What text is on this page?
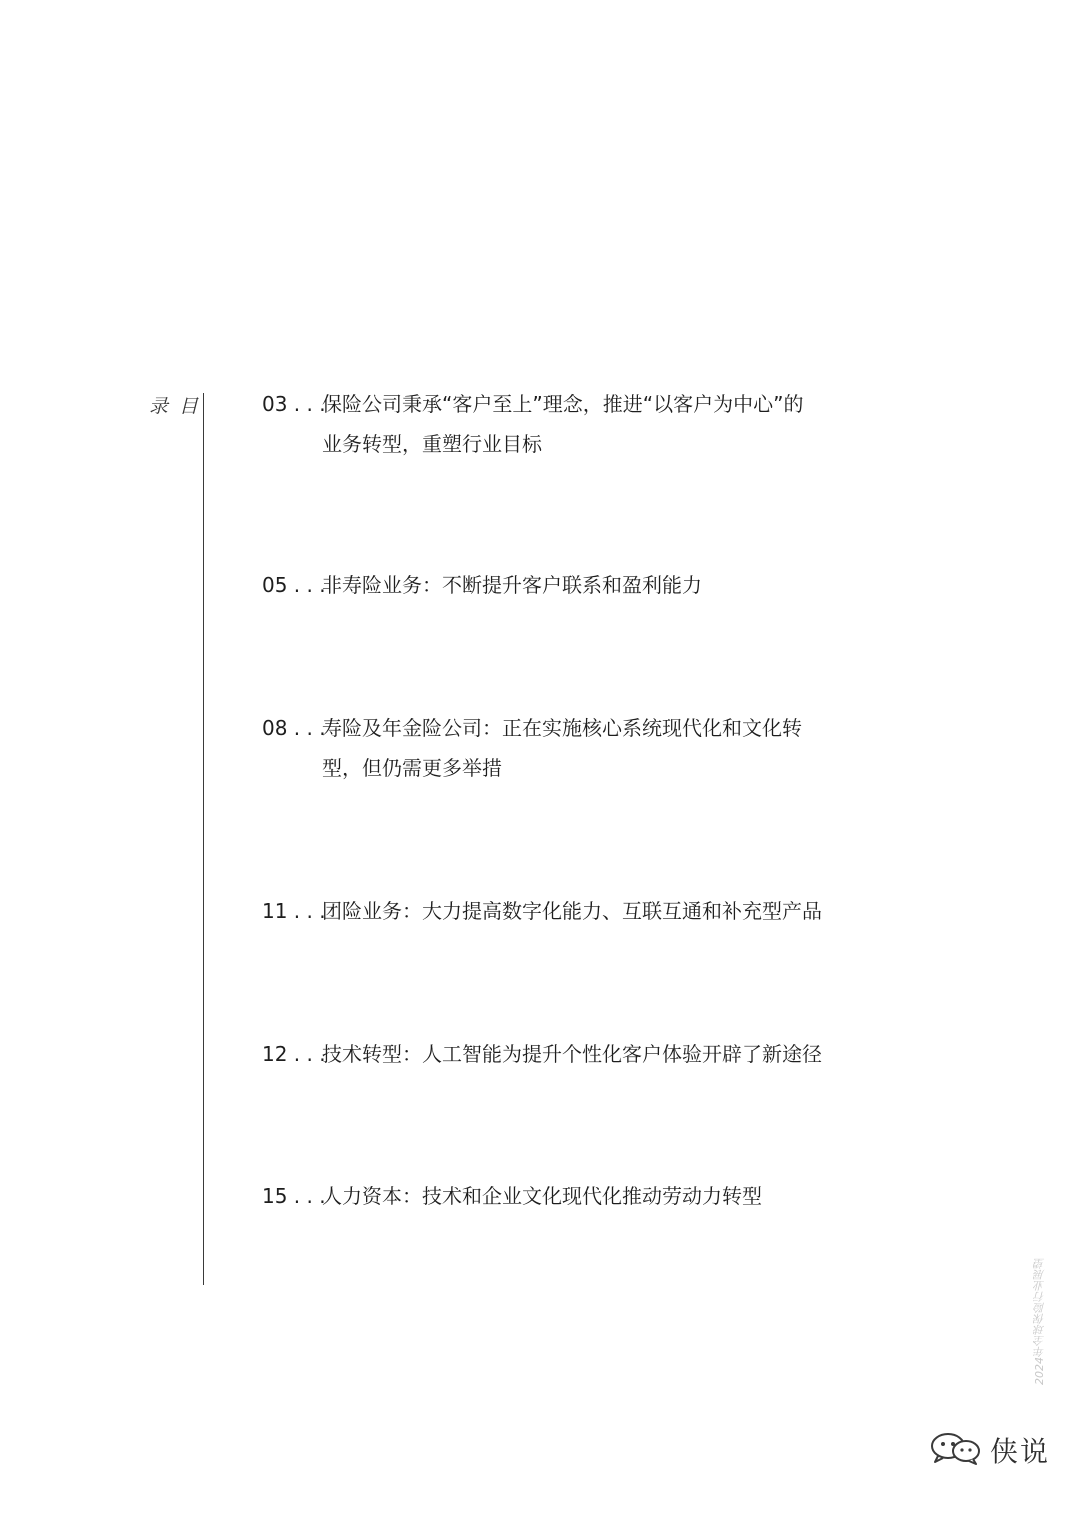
目录	03 . . .
保险公司秉承“客户至上”理念，推进“以客户为中心”的业务转型，重塑行业目标
05 . . .
非寿险业务：不断提升客户联系和盈利能力
08 . . .
寿险及年金险公司：正在实施核心系统现代化和文化转型，但仍需更多举措
11 . . .
团险业务：大力提高数字化能力、互联互通和补充型产品
12 . . .
技术转型：人工智能为提升个性化客户体验开辟了新途径
15 . . .
人力资本：技术和企业文化现代化推动劳动力转型
2024年全球保险行业展望
侠说
